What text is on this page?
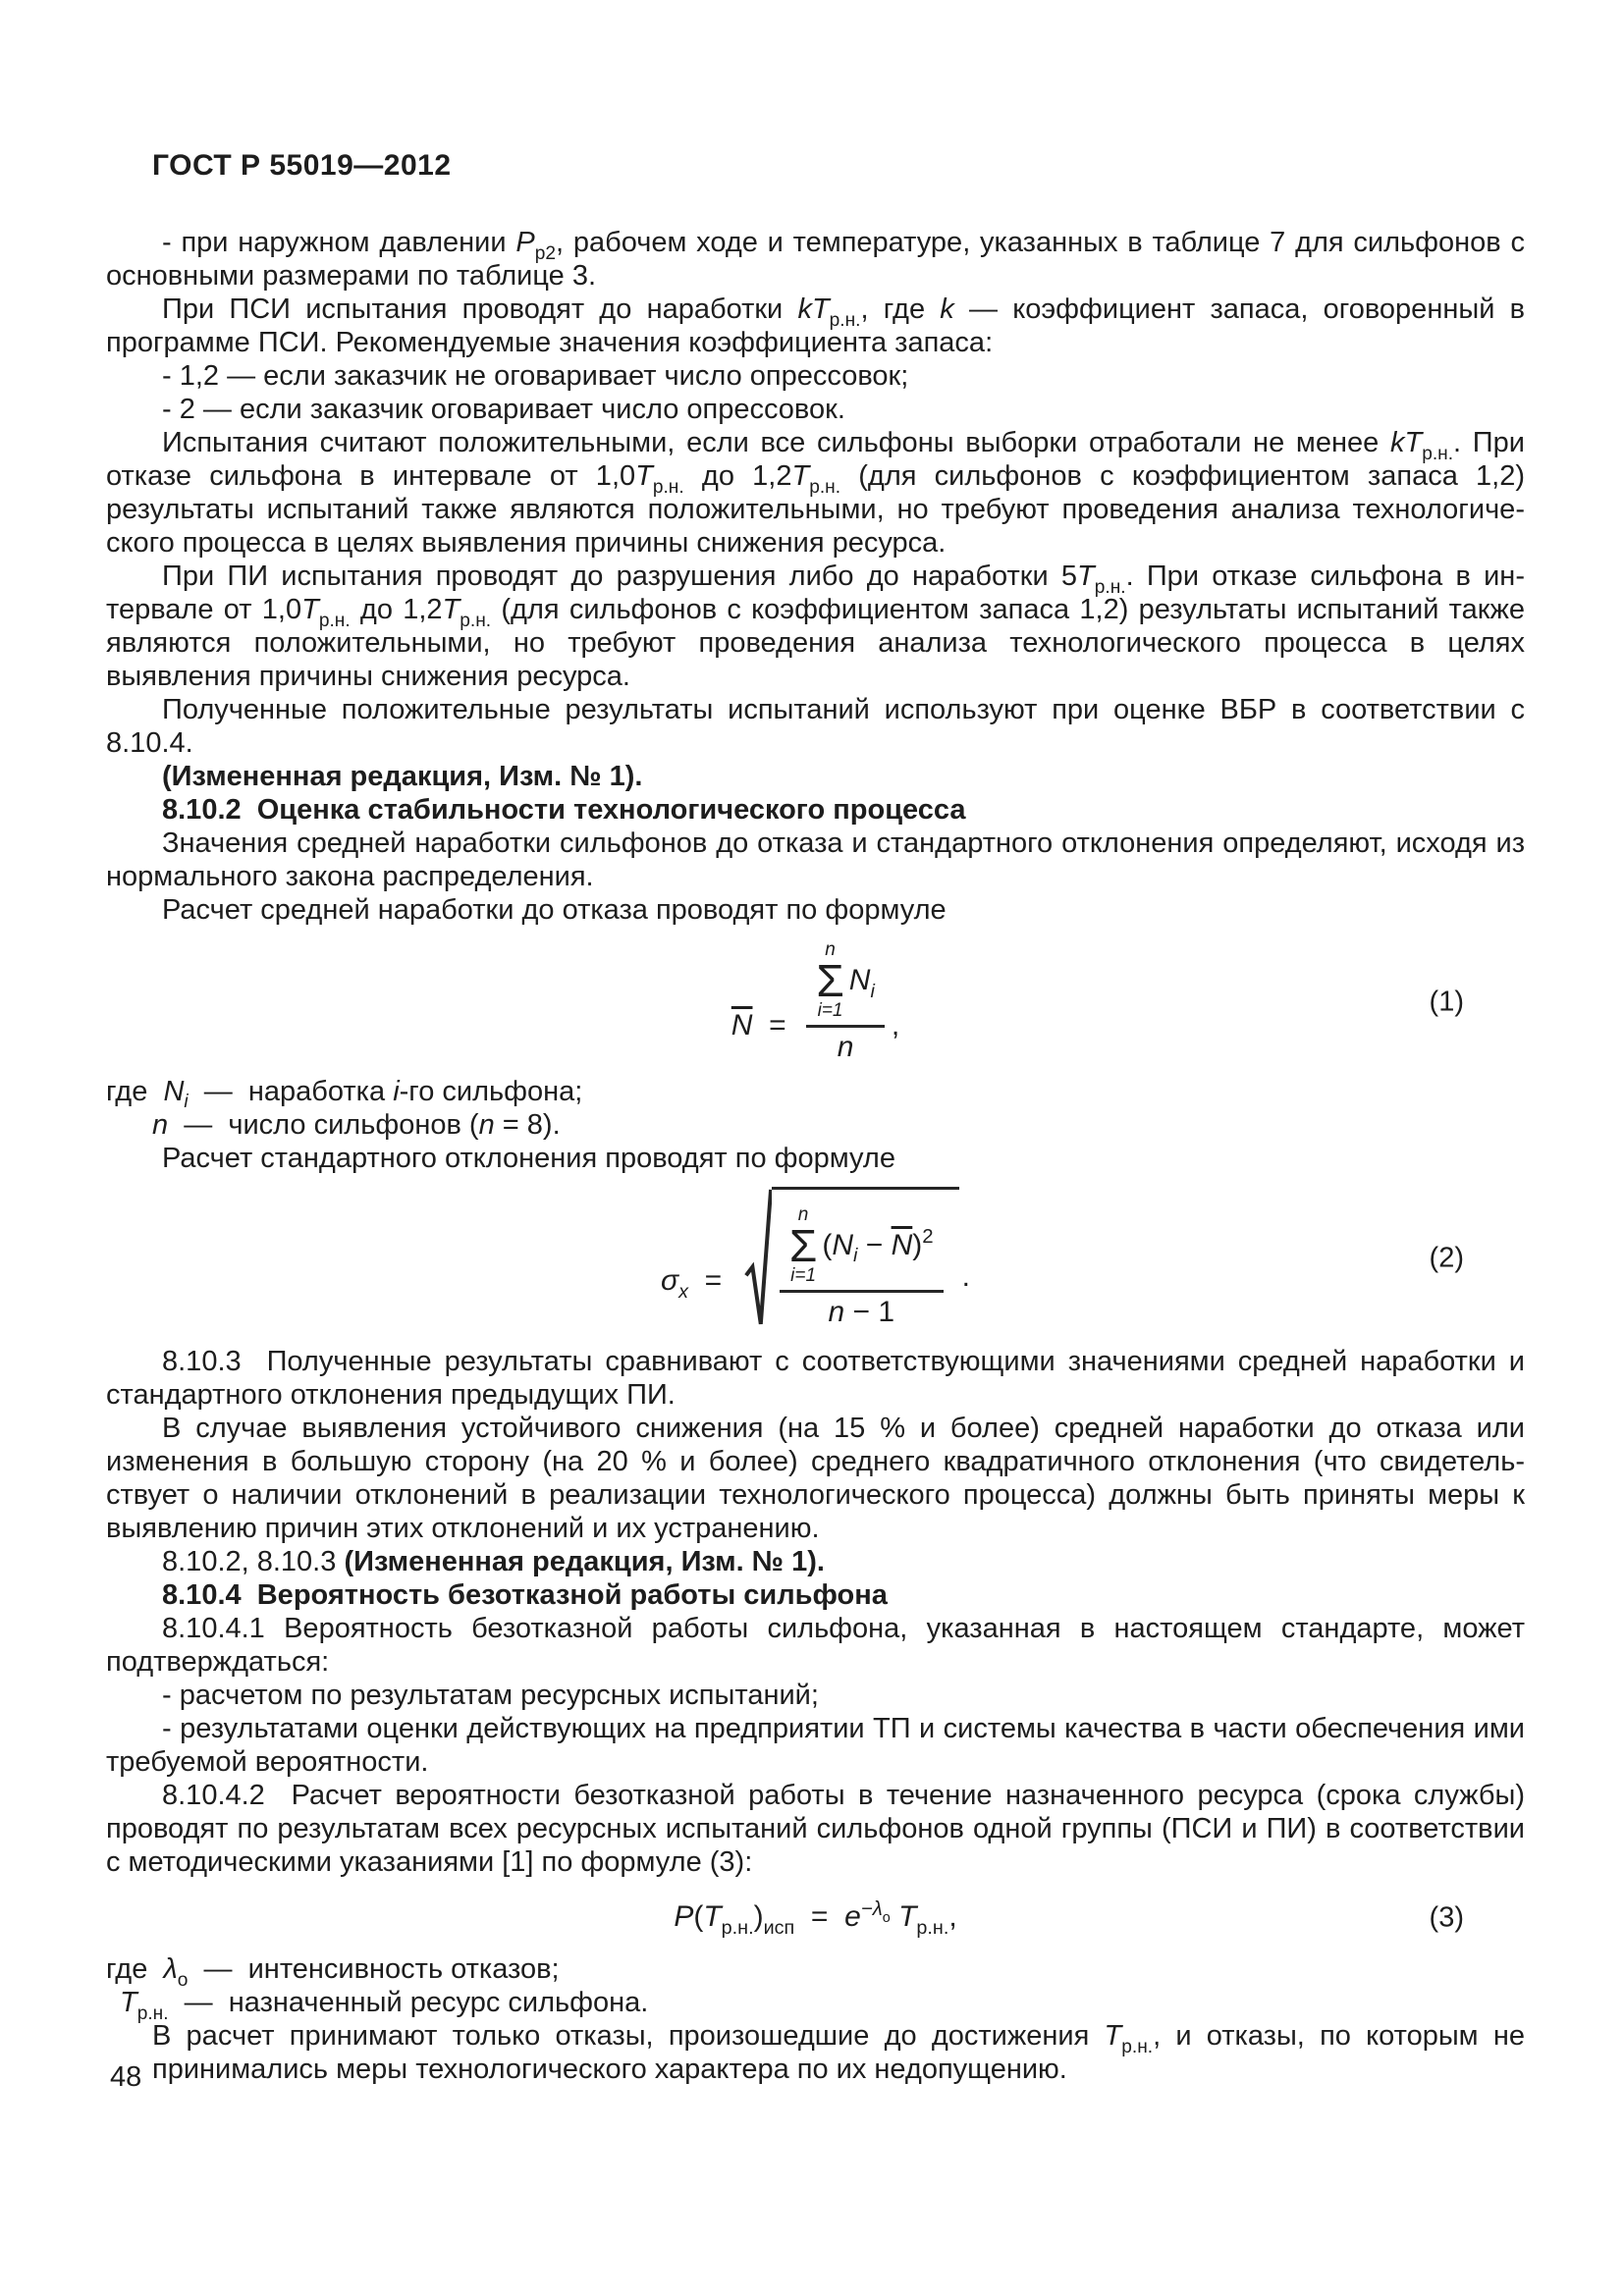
ГОСТ Р 55019—2012

- при наружном давлении $P_{р2}$, рабочем ходе и температуре, указанных в таблице 7 для сильфонов с основными размерами по таблице 3.

При ПСИ испытания проводят до наработки $kT_{р.н.}$, где k — коэффициент запаса, оговоренный в программе ПСИ. Рекомендуемые значения коэффициента запаса:

- 1,2 — если заказчик не оговаривает число опрессовок;

- 2 — если заказчик оговаривает число опрессовок.

Испытания считают положительными, если все сильфоны выборки отработали не менее $kT_{р.н.}$. При отказе сильфона в интервале от $1,0T_{р.н.}$ до $1,2T_{р.н.}$ (для сильфонов с коэффициентом запаса 1,2) результаты испытаний также являются положительными, но требуют проведения анализа технологического процесса в целях выявления причины снижения ресурса.

При ПИ испытания проводят до разрушения либо до наработки $5T_{р.н.}$. При отказе сильфона в интервале от $1,0T_{р.н.}$ до $1,2T_{р.н.}$ (для сильфонов с коэффициентом запаса 1,2) результаты испытаний также являются положительными, но требуют проведения анализа технологического процесса в целях выявления причины снижения ресурса.

Полученные положительные результаты испытаний используют при оценке ВБР в соответствии с 8.10.4.

(Измененная редакция, Изм. № 1).

8.10.2  Оценка стабильности технологического процесса

Значения средней наработки сильфонов до отказа и стандартного отклонения определяют, исходя из нормального закона распределения.

Расчет средней наработки до отказа проводят по формуле

$\overline{N} = n$
Σ
i=1
$N_i$
n ,
(1)

где  $N_i$  —  наработка i-го сильфона;

n  —  число сильфонов (n = 8).

Расчет стандартного отклонения проводят по формуле

$\sigma_x$  =
n
Σ
i=1
$(N_i - \overline{N})^2$
n − 1
.
(2)

8.10.3  Полученные результаты сравнивают с соответствующими значениями средней наработки и стандартного отклонения предыдущих ПИ.

В случае выявления устойчивого снижения (на 15 % и более) средней наработки до отказа или изменения в большую сторону (на 20 % и более) среднего квадратичного отклонения (что свидетельствует о наличии отклонений в реализации технологического процесса) должны быть приняты меры к выявлению причин этих отклонений и их устранению.

8.10.2, 8.10.3 (Измененная редакция, Изм. № 1).

8.10.4  Вероятность безотказной работы сильфона

8.10.4.1 Вероятность безотказной работы сильфона, указанная в настоящем стандарте, может подтверждаться:

- расчетом по результатам ресурсных испытаний;

- результатами оценки действующих на предприятии ТП и системы качества в части обеспечения ими требуемой вероятности.

8.10.4.2  Расчет вероятности безотказной работы в течение назначенного ресурса (срока службы) проводят по результатам всех ресурсных испытаний сильфонов одной группы (ПСИ и ПИ) в соответствии с методическими указаниями [1] по формуле (3):

$P(T_{р.н.})_{исп} = e^{-\lambda}о$ $T_{р.н.}$,	(3)

где  $\lambda_о$  —  интенсивность отказов;

$T_{р.н.}$  —  назначенный ресурс сильфона.

В расчет принимают только отказы, произошедшие до достижения $T_{р.н.}$, и отказы, по которым не принимались меры технологического характера по их недопущению.

48
